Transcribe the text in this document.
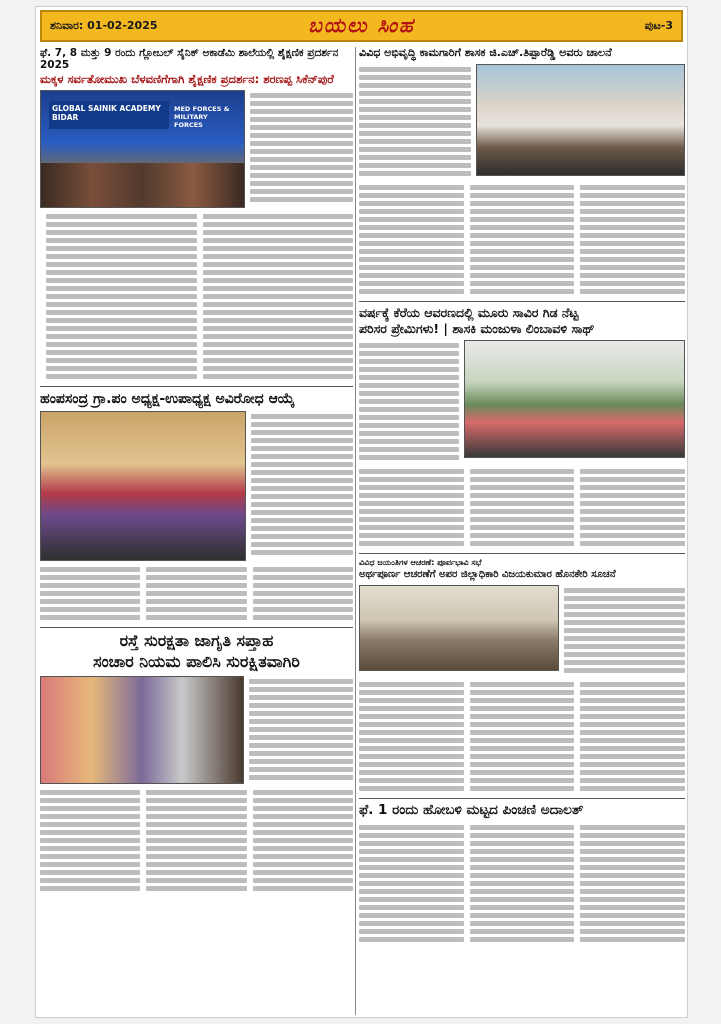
ಶನಿವಾರ: 01-02-2025	ಬಯಲು ಸಿಂಹ	ಪುಟ-3
ಫೆ. 7, 8 ಮತ್ತು 9 ರಂದು ಗ್ಲೋಬಲ್ ಸೈನಿಕ್ ಅಕಾಡೆಮಿ ಶಾಲೆಯಲ್ಲಿ ಶೈಕ್ಷಣಿಕ ಪ್ರದರ್ಶನ 2025
ಮಕ್ಕಳ ಸರ್ವತೋಮುಖ ಬೆಳವಣಿಗೆಗಾಗಿ ಶೈಕ್ಷಣಿಕ ಪ್ರದರ್ಶನ: ಶರಣಪ್ಪ ಸಿಕೆನ್‌ಪುರೆ
GLOBAL SAINIK ACADEMY BIDAR
MED FORCES & MILITARY FORCES
ಹಂಪಸಂದ್ರ ಗ್ರಾ.ಪಂ ಅಧ್ಯಕ್ಷ-ಉಪಾಧ್ಯಕ್ಷ ಅವಿರೋಧ ಆಯ್ಕೆ
ರಸ್ತೆ ಸುರಕ್ಷತಾ ಜಾಗೃತಿ ಸಪ್ತಾಹ
ಸಂಚಾರ ನಿಯಮ ಪಾಲಿಸಿ ಸುರಕ್ಷಿತವಾಗಿರಿ
ವಿವಿಧ ಅಭಿವೃದ್ಧಿ ಕಾಮಗಾರಿಗೆ ಶಾಸಕ ಜಿ.ಎಚ್.ತಿಪ್ಪಾರೆಡ್ಡಿ ಅವರು ಚಾಲನೆ
ವರ್ಷಕ್ಕೆ ಕೆರೆಯ ಆವರಣದಲ್ಲಿ ಮೂರು ಸಾವಿರ ಗಿಡ ನೆಟ್ಟ
ಪರಿಸರ ಪ್ರೇಮಿಗಳು! | ಶಾಸಕಿ ಮಂಜುಳಾ ಲಿಂಬಾವಳಿ ಸಾಥ್
ವಿವಿಧ ಜಯಂತಿಗಳ ಆಚರಣೆ: ಪೂರ್ವಭಾವಿ ಸಭೆ
ಅರ್ಥಪೂರ್ಣ ಆಚರಣೆಗೆ ಅಪರ ಜಿಲ್ಲಾಧಿಕಾರಿ ವಿಜಯಕುಮಾರ ಹೊನಕೇರಿ ಸೂಚನೆ
ಫೆ. 1 ರಂದು ಹೋಬಳಿ ಮಟ್ಟದ ಪಿಂಚಣಿ ಅದಾಲತ್
